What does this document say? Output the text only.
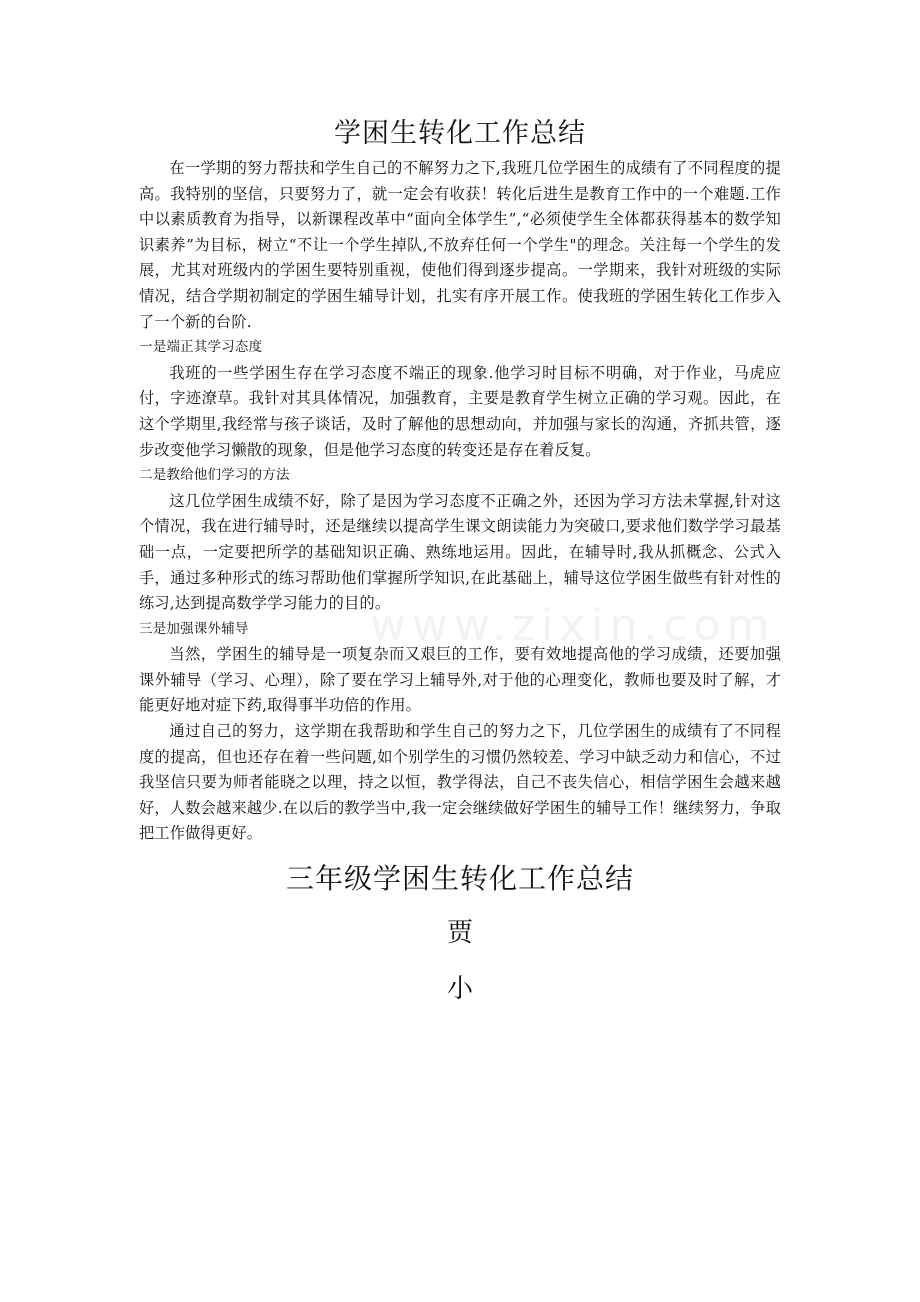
www.zixin.com
学困生转化工作总结

在一学期的努力帮扶和学生自己的不解努力之下,我班几位学困生的成绩有了不同程度的提高。我特别的坚信，只要努力了，就一定会有收获！转化后进生是教育工作中的一个难题.工作中以素质教育为指导，以新课程改革中“面向全体学生”,“必须使学生全体都获得基本的数学知识素养”为目标，树立“不让一个学生掉队,不放弃任何一个学生"的理念。关注每一个学生的发展，尤其对班级内的学困生要特别重视，使他们得到逐步提高。一学期来，我针对班级的实际情况，结合学期初制定的学困生辅导计划，扎实有序开展工作。使我班的学困生转化工作步入了一个新的台阶.

一是端正其学习态度

我班的一些学困生存在学习态度不端正的现象.他学习时目标不明确，对于作业，马虎应付，字迹潦草。我针对其具体情况，加强教育，主要是教育学生树立正确的学习观。因此，在这个学期里,我经常与孩子谈话，及时了解他的思想动向，并加强与家长的沟通，齐抓共管，逐步改变他学习懒散的现象，但是他学习态度的转变还是存在着反复。

二是教给他们学习的方法

这几位学困生成绩不好，除了是因为学习态度不正确之外，还因为学习方法未掌握,针对这个情况，我在进行辅导时，还是继续以提高学生课文朗读能力为突破口,要求他们数学学习最基础一点，一定要把所学的基础知识正确、熟练地运用。因此，在辅导时,我从抓概念、公式入手，通过多种形式的练习帮助他们掌握所学知识,在此基础上，辅导这位学困生做些有针对性的练习,达到提高数学学习能力的目的。

三是加强课外辅导

当然，学困生的辅导是一项复杂而又艰巨的工作，要有效地提高他的学习成绩，还要加强课外辅导（学习、心理），除了要在学习上辅导外,对于他的心理变化，教师也要及时了解，才能更好地对症下药,取得事半功倍的作用。

通过自己的努力，这学期在我帮助和学生自己的努力之下，几位学困生的成绩有了不同程度的提高，但也还存在着一些问题,如个别学生的习惯仍然较差、学习中缺乏动力和信心，不过我坚信只要为师者能晓之以理，持之以恒，教学得法，自己不丧失信心，相信学困生会越来越好，人数会越来越少.在以后的教学当中,我一定会继续做好学困生的辅导工作！继续努力，争取把工作做得更好。

三年级学困生转化工作总结
贾
小
